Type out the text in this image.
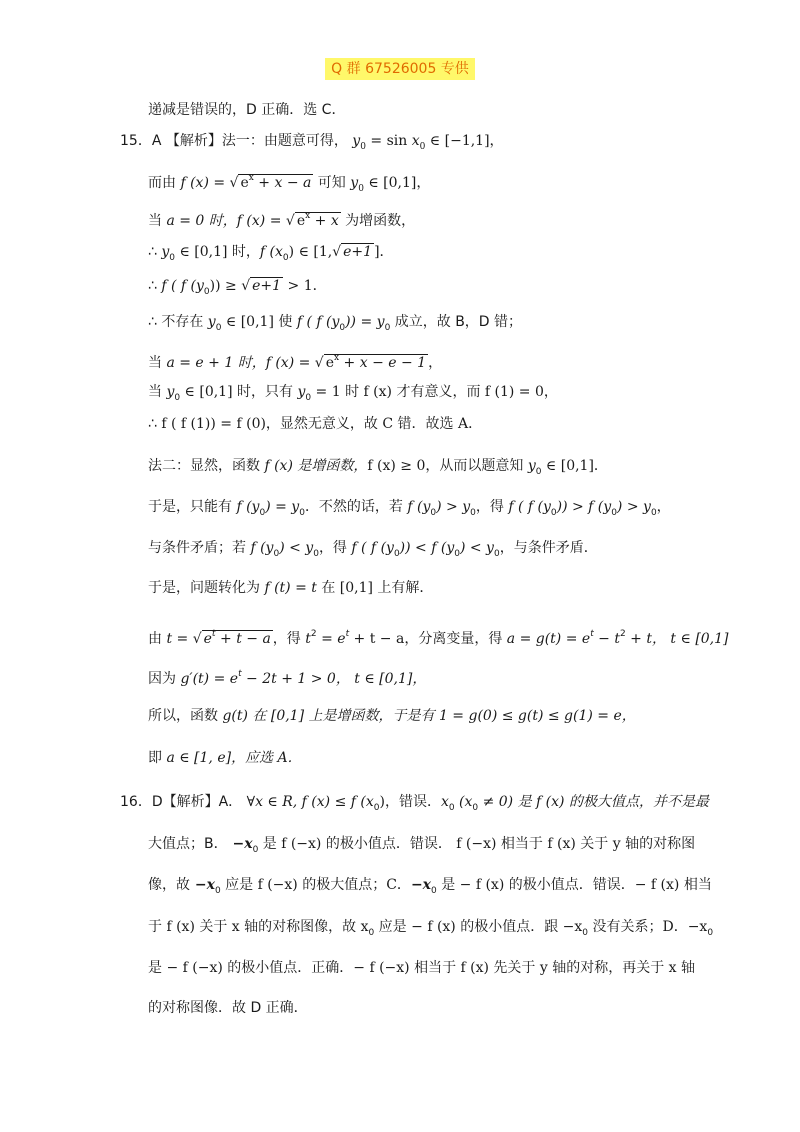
Q 群 67526005 专供
递减是错误的，D 正确．选 C．
15．A 【解析】法一：由题意可得， $y_0 = \sin x_0$ ∈ [−1,1]，
而由 f (x) = √ $e^x + x - a$ 可知 $y_0$ ∈ [0,1]，
当 a = 0 时，f (x) = √ $e^x + x$ 为增函数，
∴ $y_0$ ∈ [0,1] 时，f $(x_0)$ ∈ [1,√ e+1 ]．
∴ f ( f $(y_0)$) ≥ √ e+1 > 1．
∴ 不存在 $y_0$ ∈ [0,1] 使 f ( f $(y_0)) = y_0$ 成立，故 B，D 错；
当 a = e + 1 时，f (x) = √ $e^x + x - e - 1$ ，
当 $y_0$ ∈ [0,1] 时，只有 $y_0 = 1$ 时 f (x) 才有意义，而 f (1) = 0，
∴ f ( f (1)) = f (0)，显然无意义，故 C 错．故选 A．
法二：显然，函数 f (x) 是增函数，f (x) ≥ 0，从而以题意知 $y_0$ ∈ [0,1]．
于是，只能有 f $(y_0) = y_0$．不然的话，若 f $(y_0) > y_0$，得 f ( f $(y_0)) > f$ $(y_0) > y_0$，
与条件矛盾；若 f $(y_0) < y_0$，得 f ( f $(y_0)) < f$ $(y_0) < y_0$，与条件矛盾．
于是，问题转化为 f (t) = t 在 [0,1] 上有解．
由 t = √ $e^t + t - a$ ，得 $t^2 = e^t + t - a$，分离变量，得 $a = g(t) = e^t - t^2 + t$， t ∈ [0,1]
因为 $g'(t) = e^t - 2t + 1 > 0$， t ∈ [0,1]，
所以，函数 g(t) 在 [0,1] 上是增函数，于是有 1 = g(0) ≤ g(t) ≤ g(1) = e，
即 a ∈ [1, e]，应选 A．
16．D【解析】A． ∀x ∈ R, f (x) ≤ f $(x_0)$，错误．$x_0$ $(x_0 \ne 0)$ 是 f (x) 的极大值点，并不是最
大值点；B． $-x_0$ 是 f (−x) 的极小值点．错误． f (−x) 相当于 f (x) 关于 y 轴的对称图
像，故 $-x_0$ 应是 f (−x) 的极大值点；C．$-x_0$ 是 − f (x) 的极小值点．错误．− f (x) 相当
于 f (x) 关于 x 轴的对称图像，故 $x_0$ 应是 − f (x) 的极小值点．跟 $-x_0$ 没有关系；D．$-x_0$
是 − f (−x) 的极小值点．正确．− f (−x) 相当于 f (x) 先关于 y 轴的对称，再关于 x 轴
的对称图像．故 D 正确．
